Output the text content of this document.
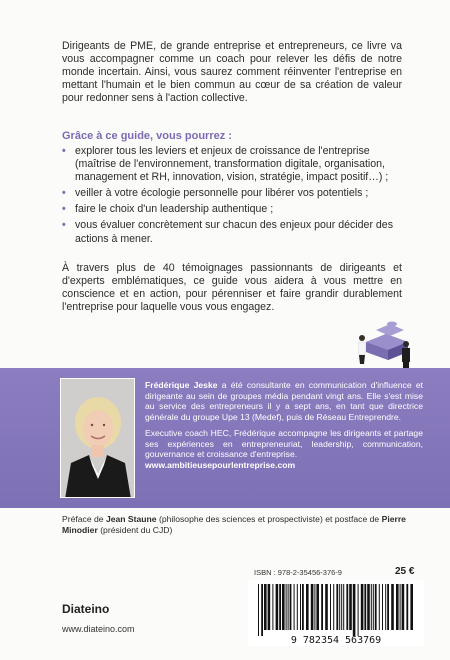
Dirigeants de PME, de grande entreprise et entrepreneurs, ce livre va vous accompagner comme un coach pour relever les défis de notre monde incertain. Ainsi, vous saurez comment réinventer l'entreprise en mettant l'humain et le bien commun au cœur de sa création de valeur pour redonner sens à l'action collective.

Grâce à ce guide, vous pourrez :
• explorer tous les leviers et enjeux de croissance de l'entreprise (maîtrise de l'environnement, transformation digitale, organisation, management et RH, innovation, vision, stratégie, impact positif…) ;
• veiller à votre écologie personnelle pour libérer vos potentiels ;
• faire le choix d'un leadership authentique ;
• vous évaluer concrètement sur chacun des enjeux pour décider des actions à mener.

À travers plus de 40 témoignages passionnants de dirigeants et d'experts emblématiques, ce guide vous aidera à vous mettre en conscience et en action, pour pérenniser et faire grandir durablement l'entreprise pour laquelle vous vous engagez.

Frédérique Jeske a été consultante en communication d'influence et dirigeante au sein de groupes média pendant vingt ans. Elle s'est mise au service des entrepreneurs il y a sept ans, en tant que directrice générale du groupe Upe 13 (Medef), puis de Réseau Entreprendre.

Executive coach HEC, Frédérique accompagne les dirigeants et partage ses expériences en entrepreneuriat, leadership, communication, gouvernance et croissance d'entreprise.

www.ambitieusepourlentreprise.com

Préface de Jean Staune (philosophe des sciences et prospectiviste) et postface de Pierre Minodier (président du CJD)

Diateino
www.diateino.com
ISBN : 978-2-35456-376-9	25 €
9 782354 563769
